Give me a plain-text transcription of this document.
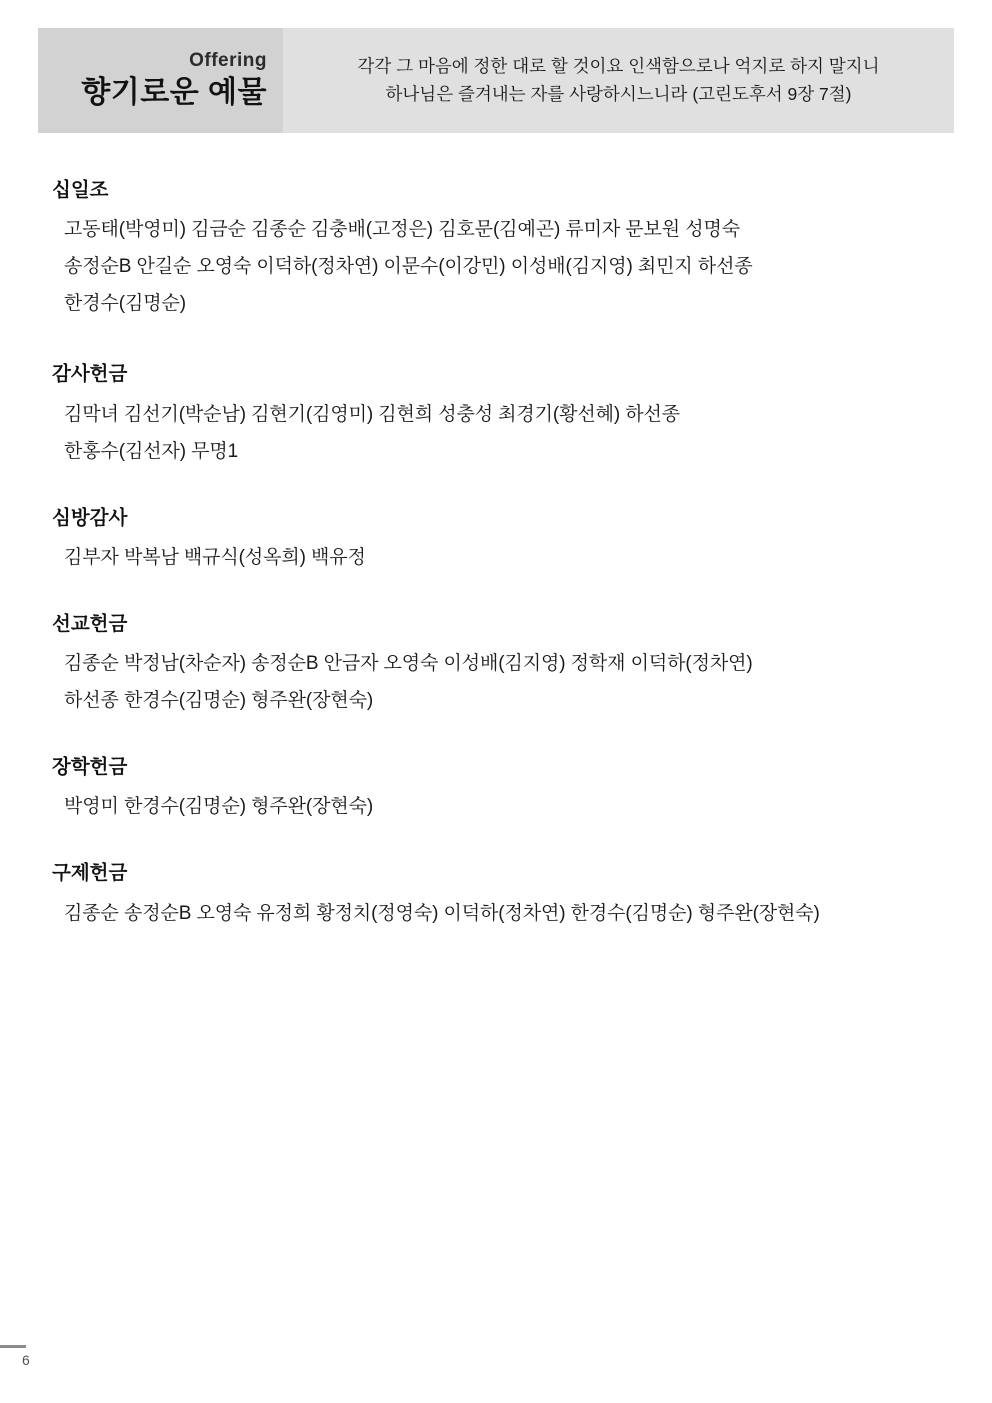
Offering
향기로운 예물
각각 그 마음에 정한 대로 할 것이요 인색함으로나 억지로 하지 말지니
하나님은 즐겨내는 자를 사랑하시느니라 (고린도후서 9장 7절)
십일조
고동태(박영미) 김금순 김종순 김충배(고정은) 김호문(김예곤) 류미자 문보원 성명숙
송정순B 안길순 오영숙 이덕하(정차연) 이문수(이강민) 이성배(김지영) 최민지 하선종
한경수(김명순)
감사헌금
김막녀 김선기(박순남) 김현기(김영미) 김현희 성충성 최경기(황선혜) 하선종
한홍수(김선자) 무명1
심방감사
김부자 박복남 백규식(성옥희) 백유정
선교헌금
김종순 박정남(차순자) 송정순B 안금자 오영숙 이성배(김지영) 정학재 이덕하(정차연)
하선종 한경수(김명순) 형주완(장현숙)
장학헌금
박영미 한경수(김명순) 형주완(장현숙)
구제헌금
김종순 송정순B 오영숙 유정희 황정치(정영숙) 이덕하(정차연) 한경수(김명순) 형주완(장현숙)
6
